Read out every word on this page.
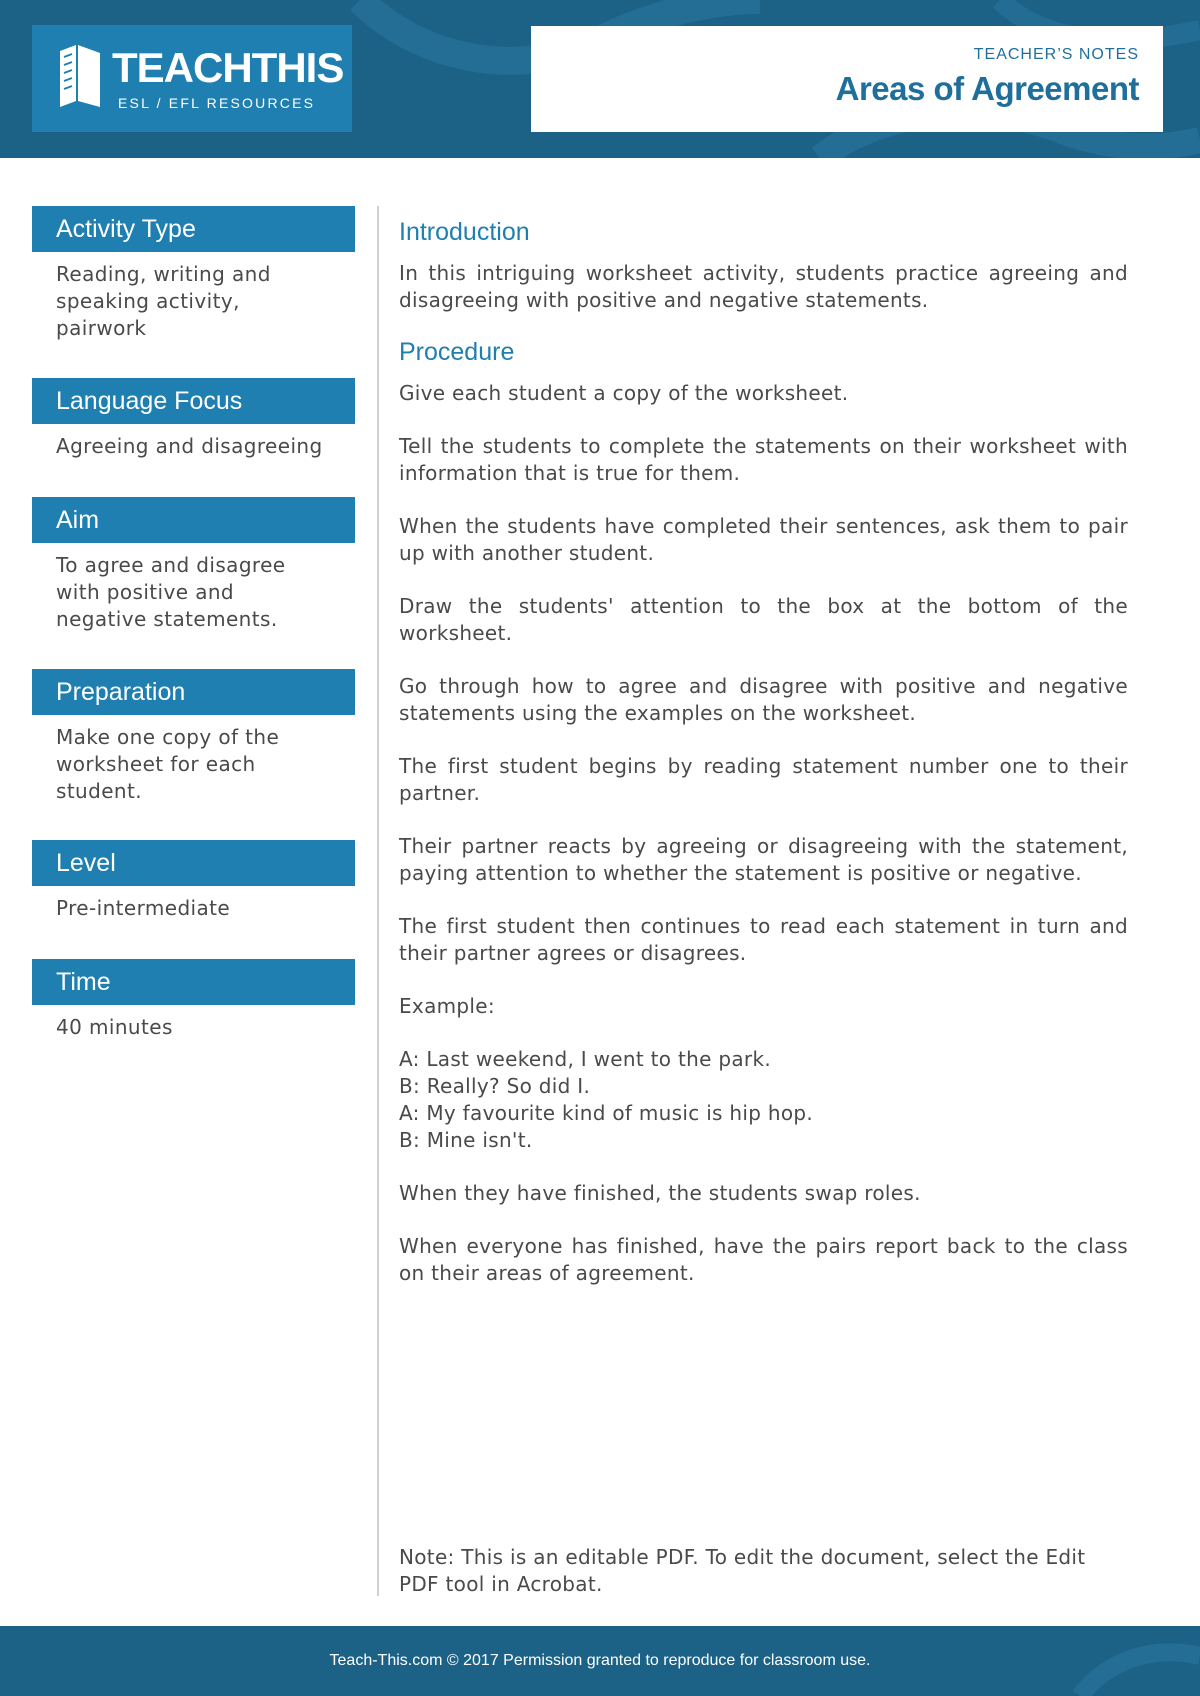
TEACHTHIS
ESL / EFL RESOURCES
TEACHER’S NOTES
Areas of Agreement
Activity Type
Reading, writing and
speaking activity,
pairwork
Language Focus
Agreeing and disagreeing
Aim
To agree and disagree
with positive and
negative statements.
Preparation
Make one copy of the
worksheet for each
student.
Level
Pre-intermediate
Time
40 minutes
Introduction

In this intriguing worksheet activity, students practice agreeing and disagreeing with positive and negative statements.

Procedure

Give each student a copy of the worksheet.

Tell the students to complete the statements on their worksheet with information that is true for them.

When the students have completed their sentences, ask them to pair up with another student.

Draw the students' attention to the box at the bottom of the worksheet.

Go through how to agree and disagree with positive and negative statements using the examples on the worksheet.

The first student begins by reading statement number one to their partner.

Their partner reacts by agreeing or disagreeing with the statement, paying attention to whether the statement is positive or negative.

The first student then continues to read each statement in turn and their partner agrees or disagrees.

Example:

A: Last weekend, I went to the park.

B: Really? So did I.

A: My favourite kind of music is hip hop.

B: Mine isn't.

When they have finished, the students swap roles.

When everyone has finished, have the pairs report back to the class on their areas of agreement.

Note: This is an editable PDF. To edit the document, select the Edit PDF tool in Acrobat.
Teach-This.com © 2017 Permission granted to reproduce for classroom use.
